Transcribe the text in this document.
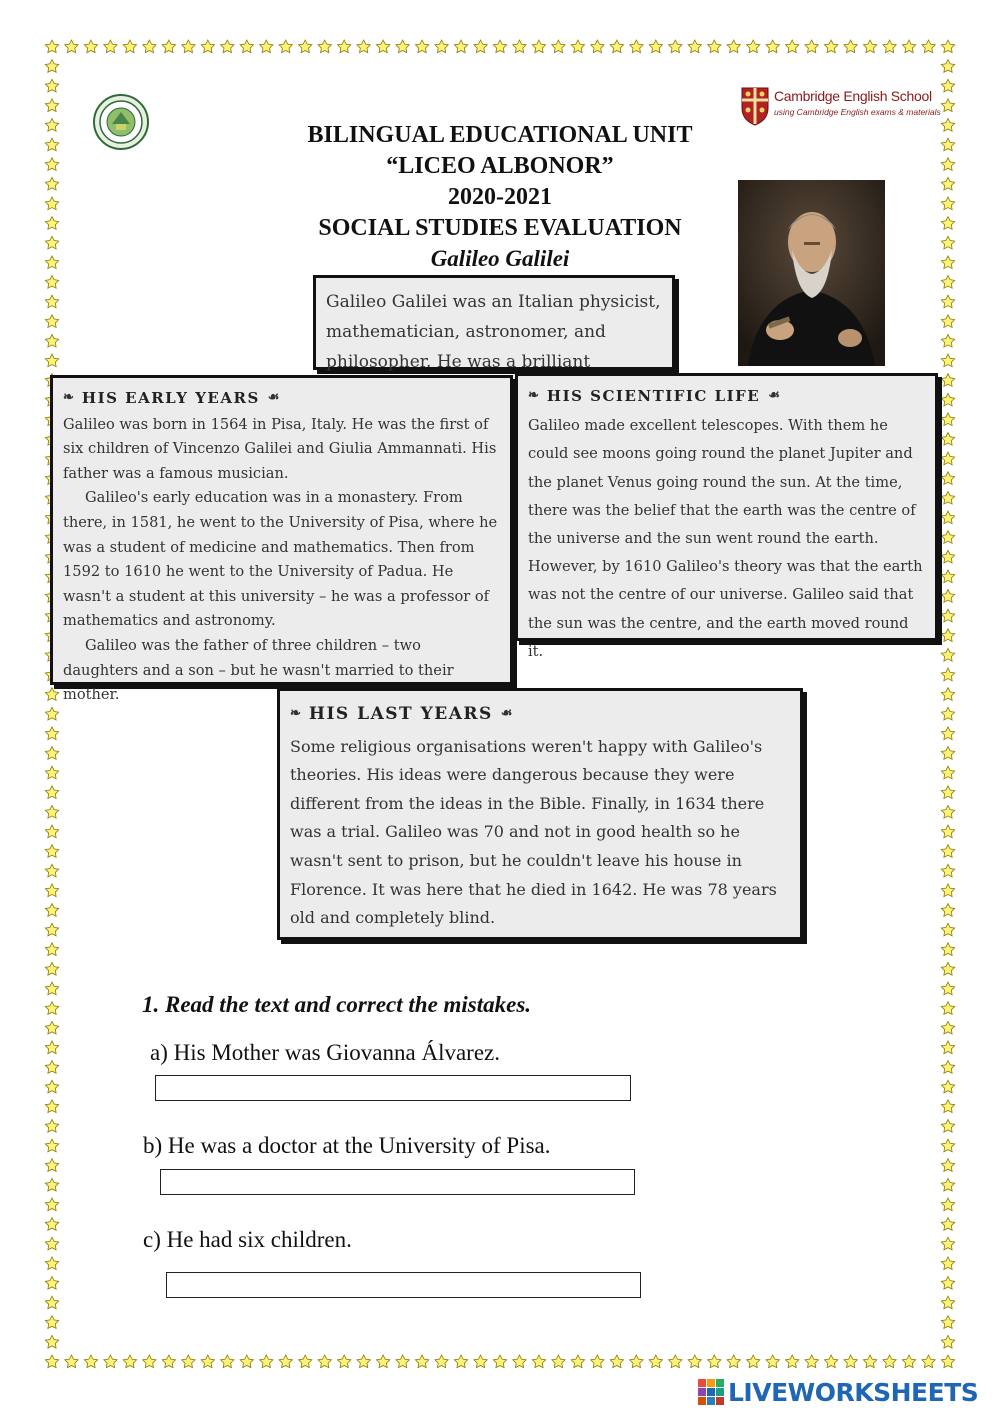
Cambridge English School
using Cambridge English exams & materials
BILINGUAL EDUCATIONAL UNIT
“LICEO ALBONOR”
2020-2021
SOCIAL STUDIES EVALUATION
Galileo Galilei

Galileo Galilei was an Italian physicist, mathematician, astronomer, and philosopher. He was a brilliant

❧ HIS EARLY YEARS ☙

Galileo was born in 1564 in Pisa, Italy. He was the first of six children of Vincenzo Galilei and Giulia Ammannati. His father was a famous musician.

Galileo's early education was in a monastery. From there, in 1581, he went to the University of Pisa, where he was a student of medicine and mathematics. Then from 1592 to 1610 he went to the University of Padua. He wasn't a student at this university – he was a professor of mathematics and astronomy.

Galileo was the father of three children – two daughters and a son – but he wasn't married to their mother.

❧ HIS SCIENTIFIC LIFE ☙

Galileo made excellent telescopes. With them he could see moons going round the planet Jupiter and the planet Venus going round the sun. At the time, there was the belief that the earth was the centre of the universe and the sun went round the earth. However, by 1610 Galileo's theory was that the earth was not the centre of our universe. Galileo said that the sun was the centre, and the earth moved round it.

❧ HIS LAST YEARS ☙

Some religious organisations weren't happy with Galileo's theories. His ideas were dangerous because they were different from the ideas in the Bible. Finally, in 1634 there was a trial. Galileo was 70 and not in good health so he wasn't sent to prison, but he couldn't leave his house in Florence. It was here that he died in 1642. He was 78 years old and completely blind.

1. Read the text and correct the mistakes.
a) His Mother was Giovanna Álvarez.
b) He was a doctor at the University of Pisa.
c) He had six children.
LIVEWORKSHEETS
